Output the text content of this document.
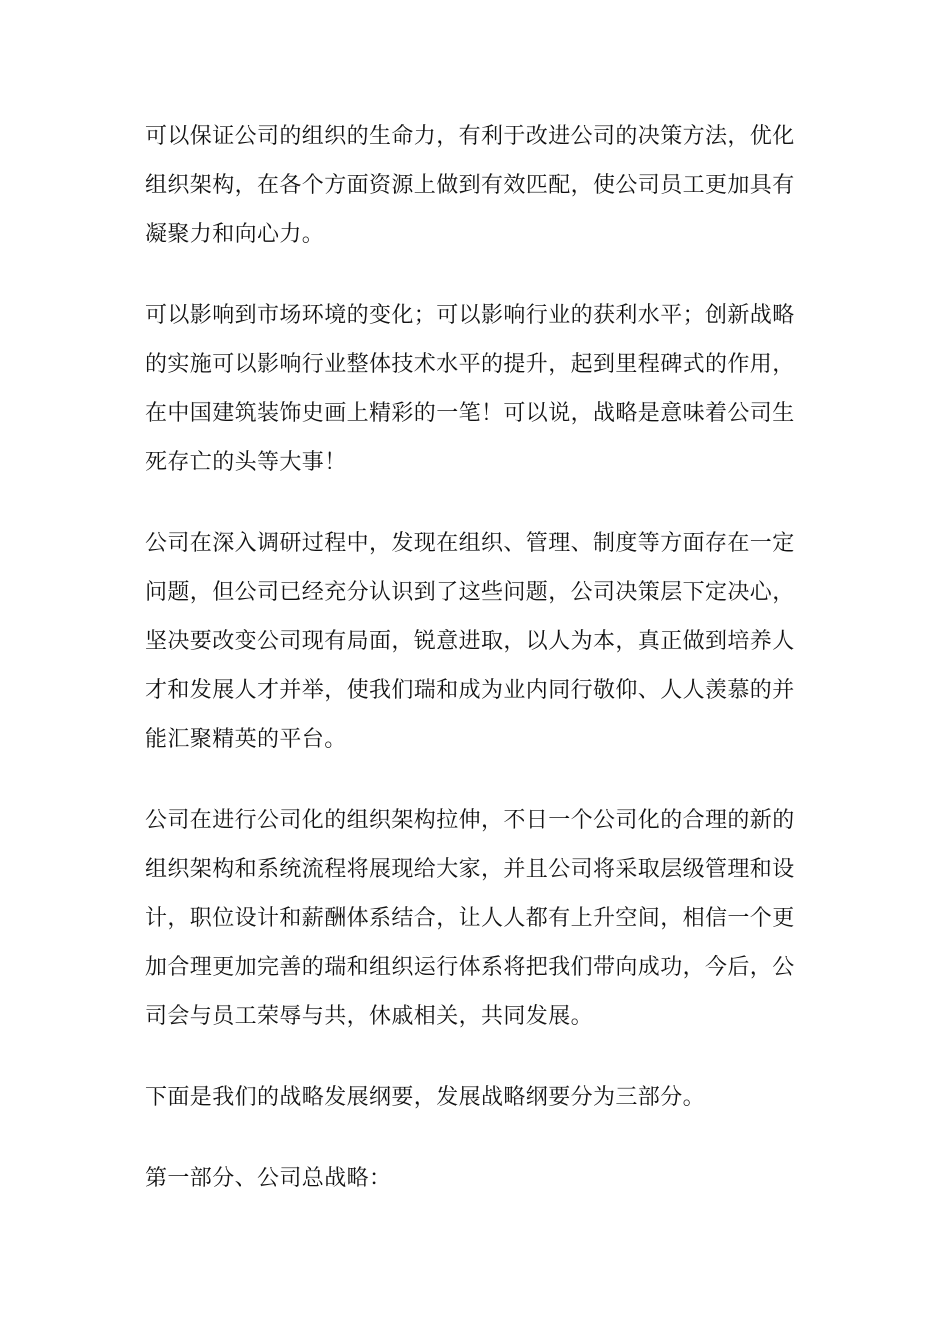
可以保证公司的组织的生命力，有利于改进公司的决策方法，优化组织架构，在各个方面资源上做到有效匹配，使公司员工更加具有凝聚力和向心力。

可以影响到市场环境的变化；可以影响行业的获利水平；创新战略的实施可以影响行业整体技术水平的提升，起到里程碑式的作用，在中国建筑装饰史画上精彩的一笔！可以说，战略是意味着公司生死存亡的头等大事！

公司在深入调研过程中，发现在组织、管理、制度等方面存在一定问题，但公司已经充分认识到了这些问题，公司决策层下定决心，坚决要改变公司现有局面，锐意进取，以人为本，真正做到培养人才和发展人才并举，使我们瑞和成为业内同行敬仰、人人羡慕的并能汇聚精英的平台。

公司在进行公司化的组织架构拉伸，不日一个公司化的合理的新的组织架构和系统流程将展现给大家，并且公司将采取层级管理和设计，职位设计和薪酬体系结合，让人人都有上升空间，相信一个更加合理更加完善的瑞和组织运行体系将把我们带向成功，今后，公司会与员工荣辱与共，休戚相关，共同发展。

下面是我们的战略发展纲要，发展战略纲要分为三部分。

第一部分、公司总战略：
